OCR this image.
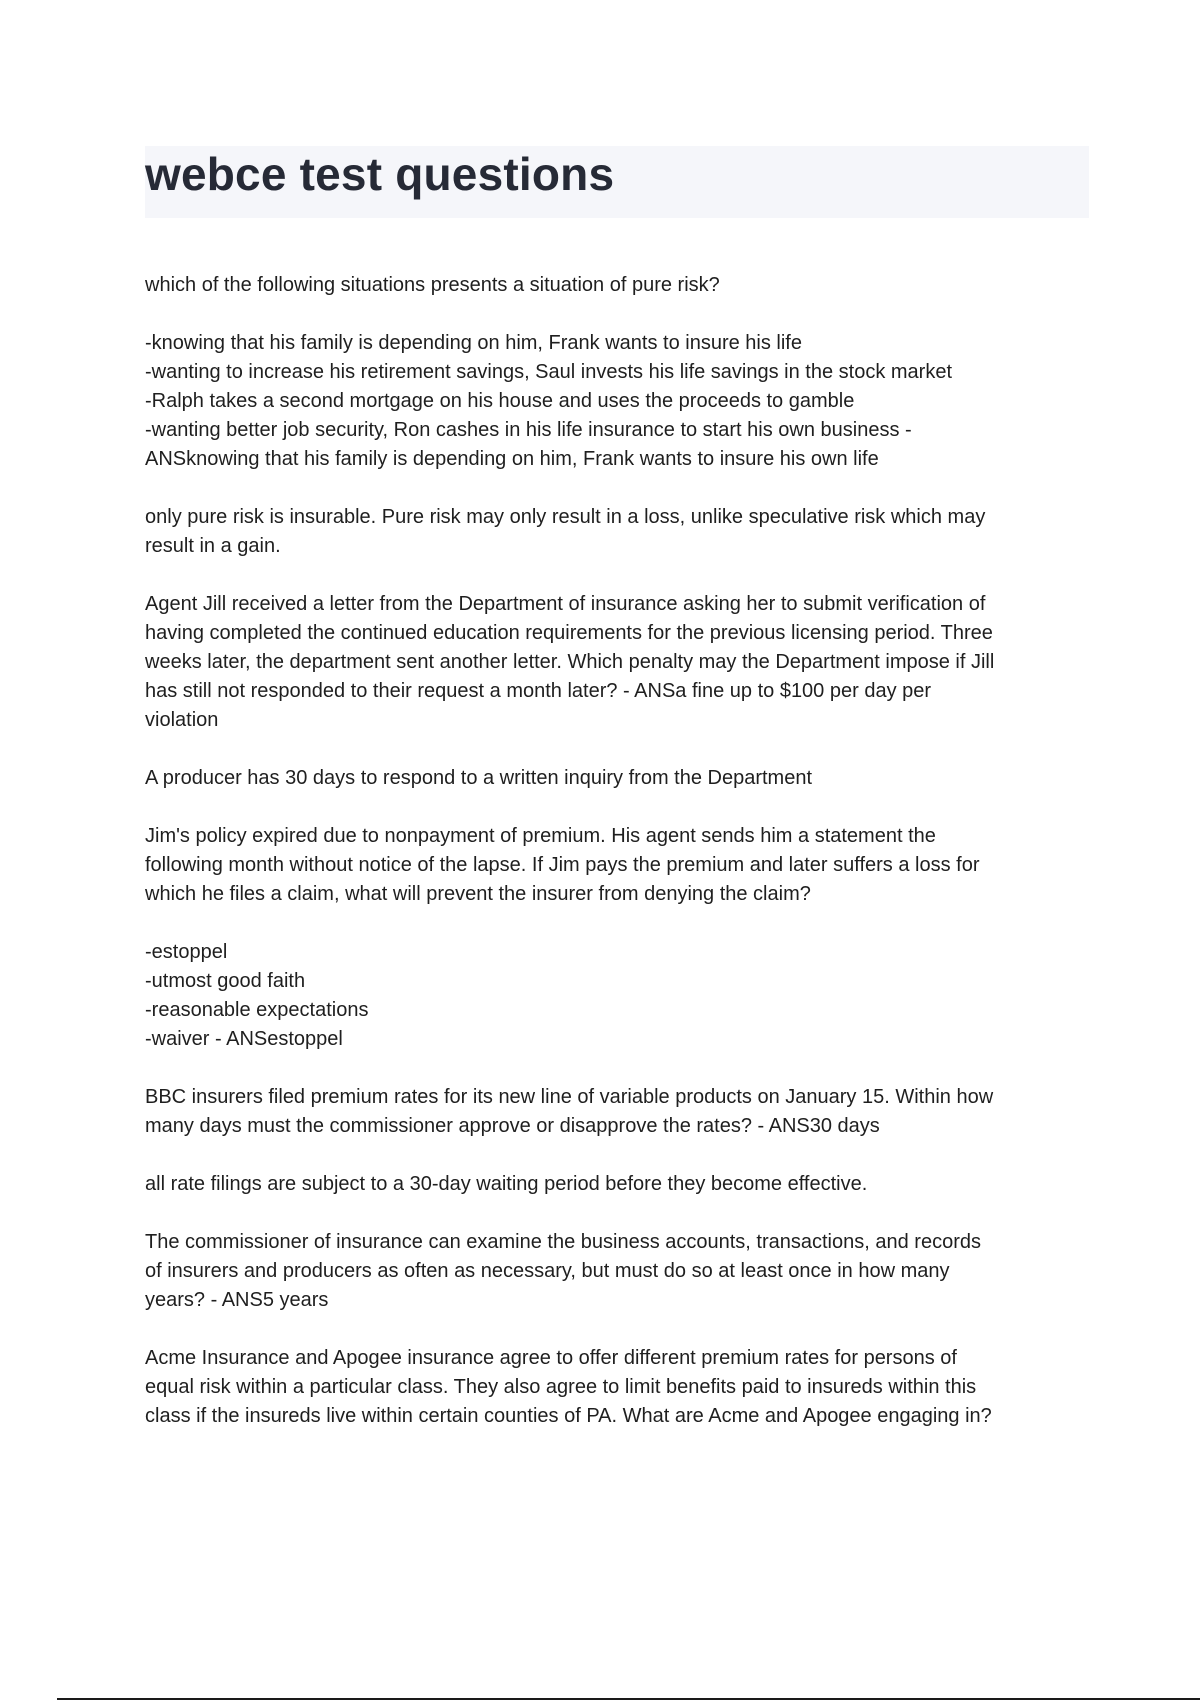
webce test questions

which of the following situations presents a situation of pure risk?

-knowing that his family is depending on him, Frank wants to insure his life
-wanting to increase his retirement savings, Saul invests his life savings in the stock market
-Ralph takes a second mortgage on his house and uses the proceeds to gamble
-wanting better job security, Ron cashes in his life insurance to start his own business -
ANSknowing that his family is depending on him, Frank wants to insure his own life

only pure risk is insurable. Pure risk may only result in a loss, unlike speculative risk which may
result in a gain.

Agent Jill received a letter from the Department of insurance asking her to submit verification of
having completed the continued education requirements for the previous licensing period. Three
weeks later, the department sent another letter. Which penalty may the Department impose if Jill
has still not responded to their request a month later? - ANSa fine up to $100 per day per
violation

A producer has 30 days to respond to a written inquiry from the Department

Jim's policy expired due to nonpayment of premium. His agent sends him a statement the
following month without notice of the lapse. If Jim pays the premium and later suffers a loss for
which he files a claim, what will prevent the insurer from denying the claim?

-estoppel
-utmost good faith
-reasonable expectations
-waiver - ANSestoppel

BBC insurers filed premium rates for its new line of variable products on January 15. Within how
many days must the commissioner approve or disapprove the rates? - ANS30 days

all rate filings are subject to a 30-day waiting period before they become effective.

The commissioner of insurance can examine the business accounts, transactions, and records
of insurers and producers as often as necessary, but must do so at least once in how many
years? - ANS5 years

Acme Insurance and Apogee insurance agree to offer different premium rates for persons of
equal risk within a particular class. They also agree to limit benefits paid to insureds within this
class if the insureds live within certain counties of PA. What are Acme and Apogee engaging in?
